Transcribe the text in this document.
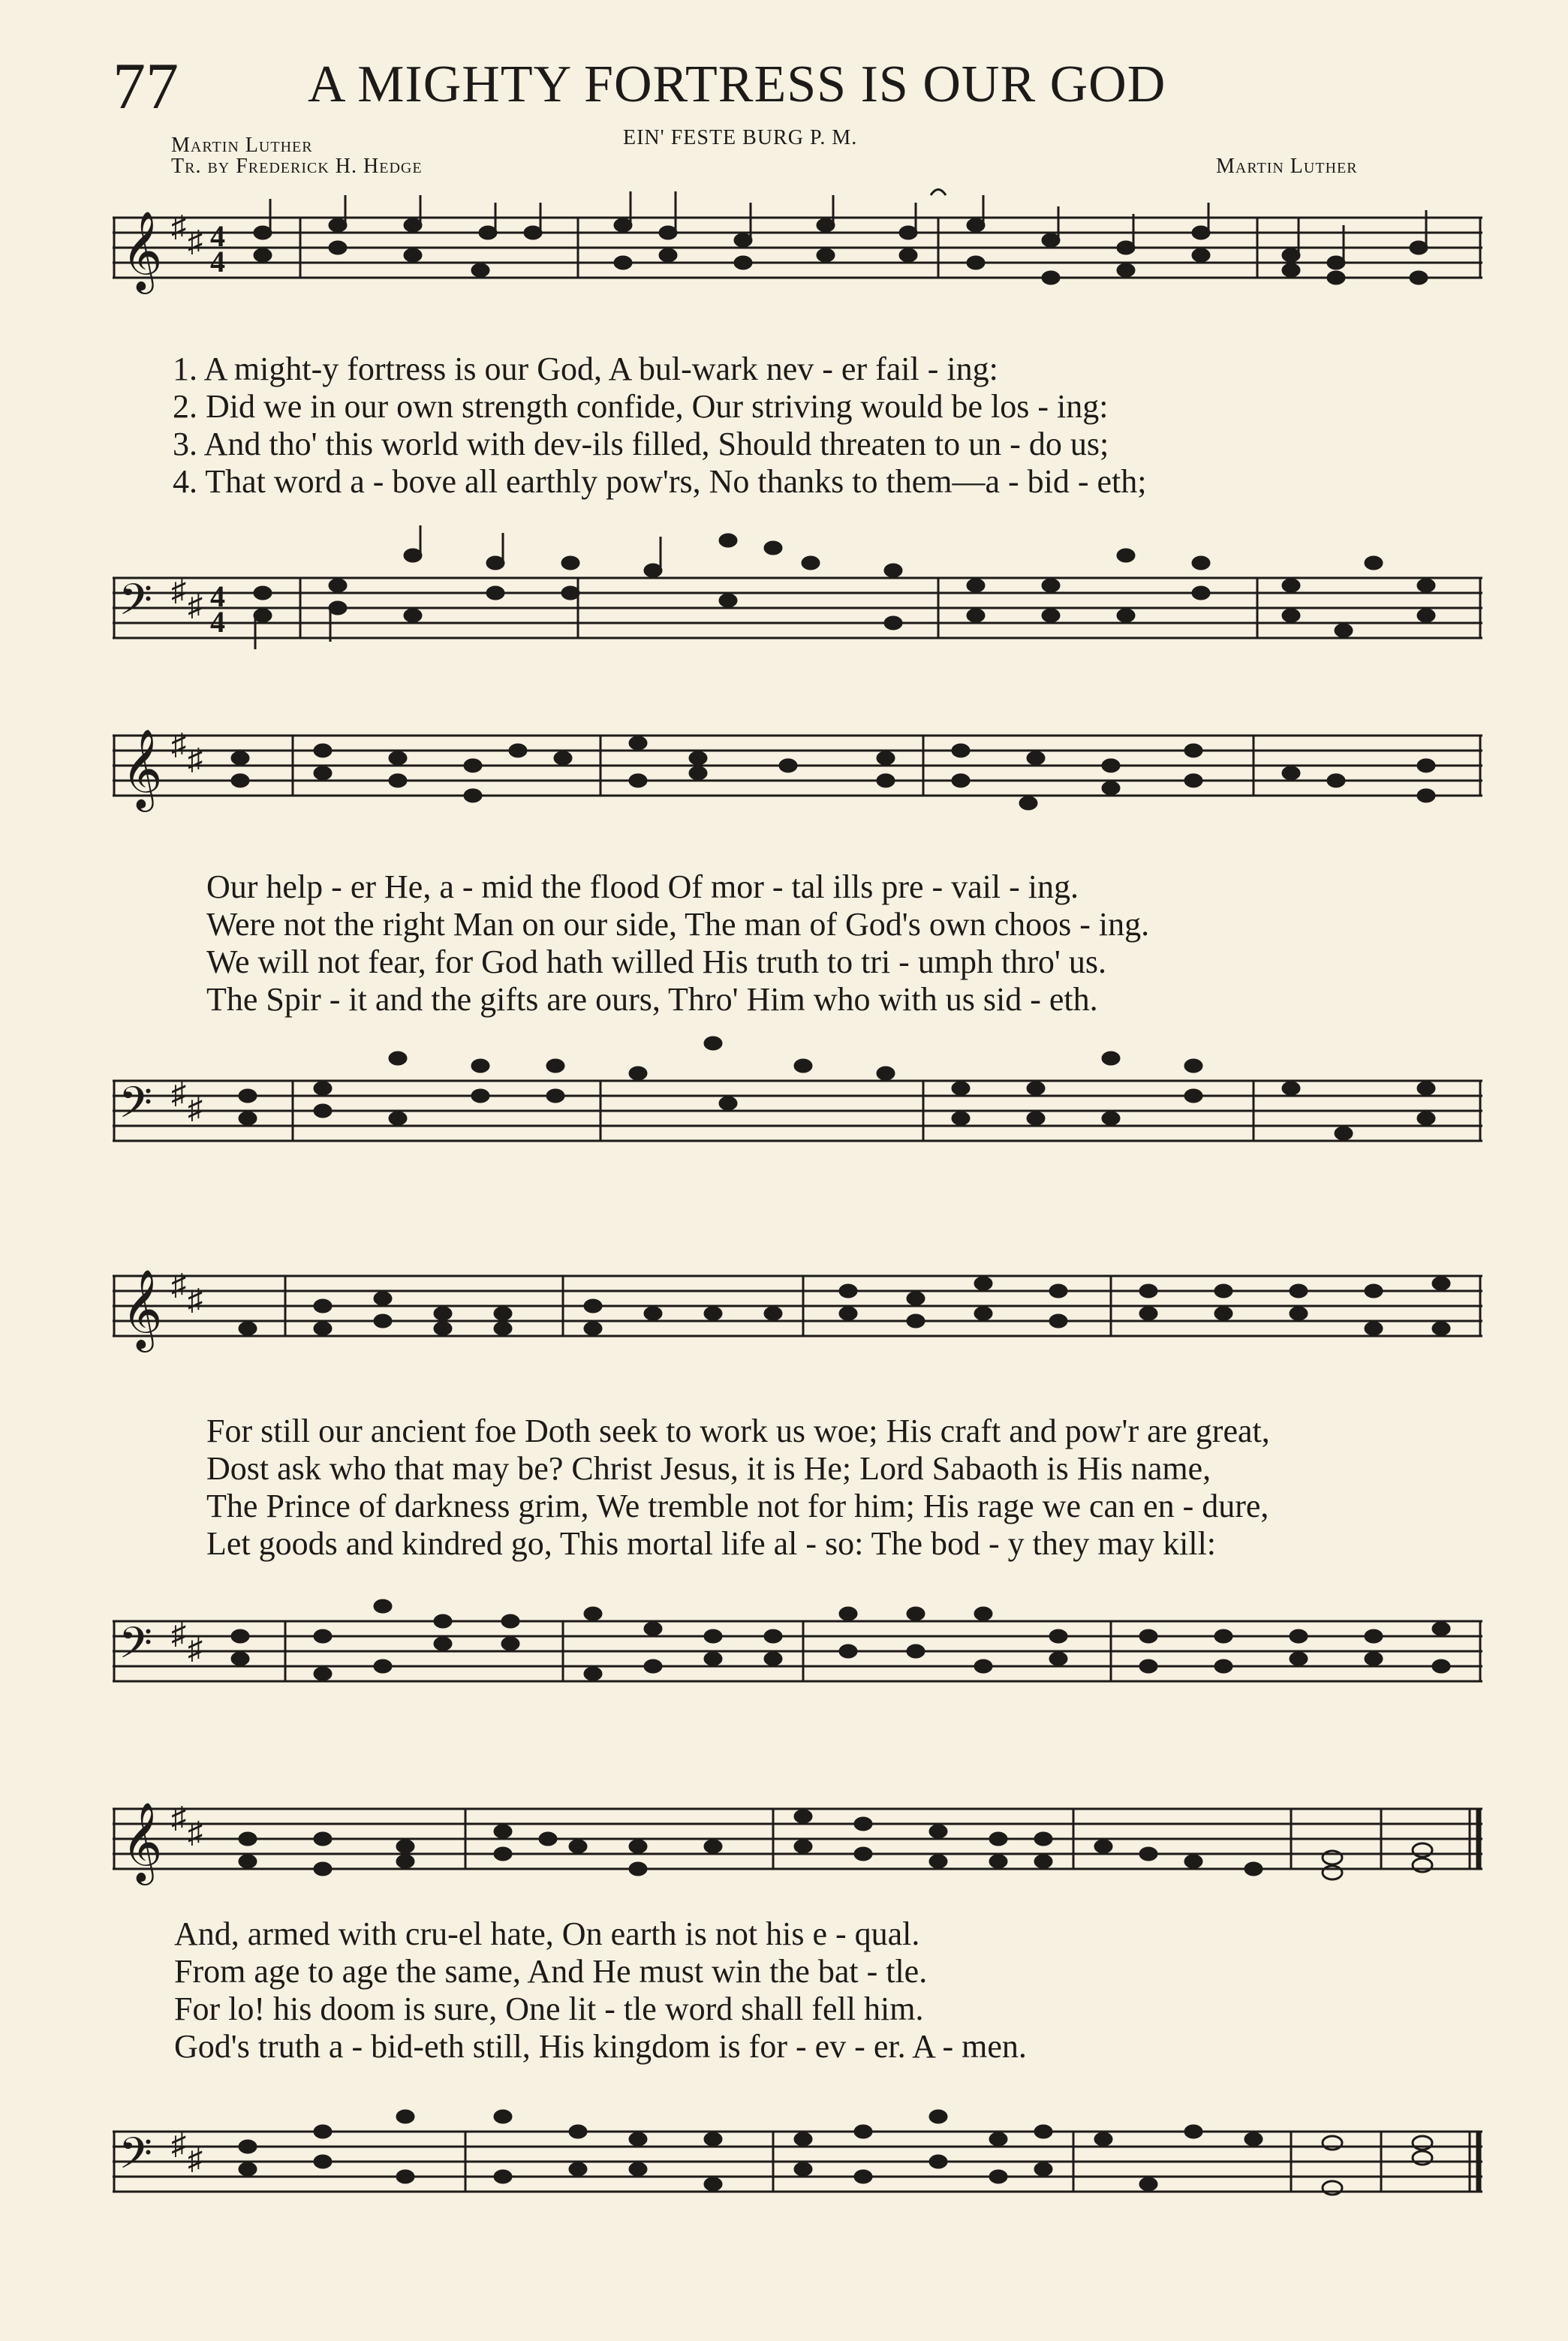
77 A MIGHTY FORTRESS IS OUR GOD
Martin Luther
Tr. by Frederick H. Hedge
EIN' FESTE BURG P. M.
Martin Luther
𝄞 ♯ ♯ 4
4
1. A might-y fortress is our God, A bul-wark nev - er fail - ing:
2. Did we in our own strength confide, Our striving would be los - ing:
3. And tho' this world with dev-ils filled, Should threaten to un - do us;
4. That word a - bove all earthly pow'rs, No thanks to them—a - bid - eth;
𝄢 ♯ ♯ 4
4
𝄞 ♯ ♯
Our help - er He, a - mid the flood Of mor - tal ills pre - vail - ing.
Were not the right Man on our side, The man of God's own choos - ing.
We will not fear, for God hath willed His truth to tri - umph thro' us.
The Spir - it and the gifts are ours, Thro' Him who with us sid - eth.
𝄢 ♯ ♯
𝄞 ♯ ♯
For still our ancient foe Doth seek to work us woe; His craft and pow'r are great,
Dost ask who that may be? Christ Jesus, it is He; Lord Sabaoth is His name,
The Prince of darkness grim, We tremble not for him; His rage we can en - dure,
Let goods and kindred go, This mortal life al - so: The bod - y they may kill:
𝄢 ♯ ♯
𝄞 ♯ ♯
And, armed with cru-el hate, On earth is not his e - qual.
From age to age the same, And He must win the bat - tle.
For lo! his doom is sure, One lit - tle word shall fell him.
God's truth a - bid-eth still, His kingdom is for - ev - er. A - men.
𝄢 ♯ ♯
